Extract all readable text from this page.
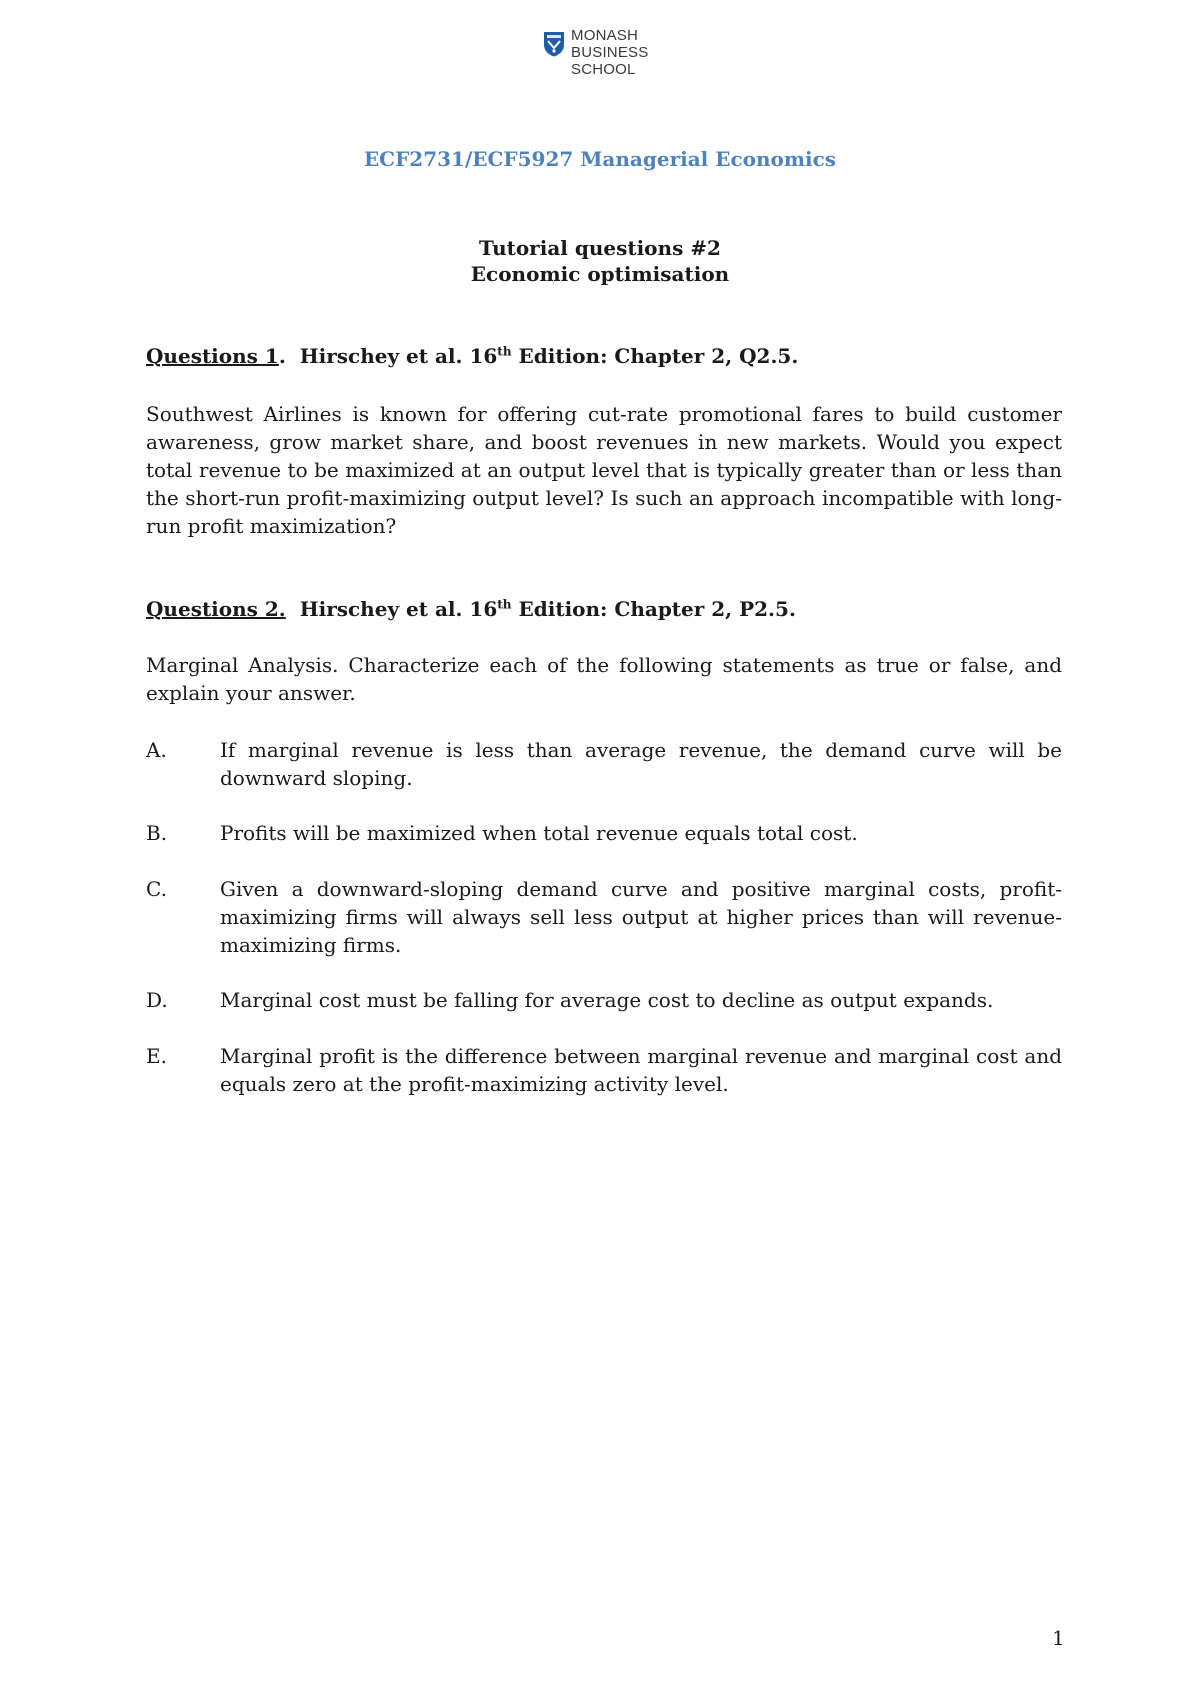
MONASH
BUSINESS
SCHOOL
ECF2731/ECF5927 Managerial Economics
Tutorial questions #2
Economic optimisation
Questions 1. Hirschey et al. 16th Edition: Chapter 2, Q2.5.

Southwest Airlines is known for offering cut-rate promotional fares to build customer awareness, grow market share, and boost revenues in new markets. Would you expect total revenue to be maximized at an output level that is typically greater than or less than the short-run profit-maximizing output level? Is such an approach incompatible with long-run profit maximization?

Questions 2. Hirschey et al. 16th Edition: Chapter 2, P2.5.

Marginal Analysis. Characterize each of the following statements as true or false, and explain your answer.

A.	If marginal revenue is less than average revenue, the demand curve will be downward sloping.
B.	Profits will be maximized when total revenue equals total cost.
C.	Given a downward-sloping demand curve and positive marginal costs, profit-maximizing firms will always sell less output at higher prices than will revenue-maximizing firms.
D.	Marginal cost must be falling for average cost to decline as output expands.
E.	Marginal profit is the difference between marginal revenue and marginal cost and equals zero at the profit-maximizing activity level.
1
